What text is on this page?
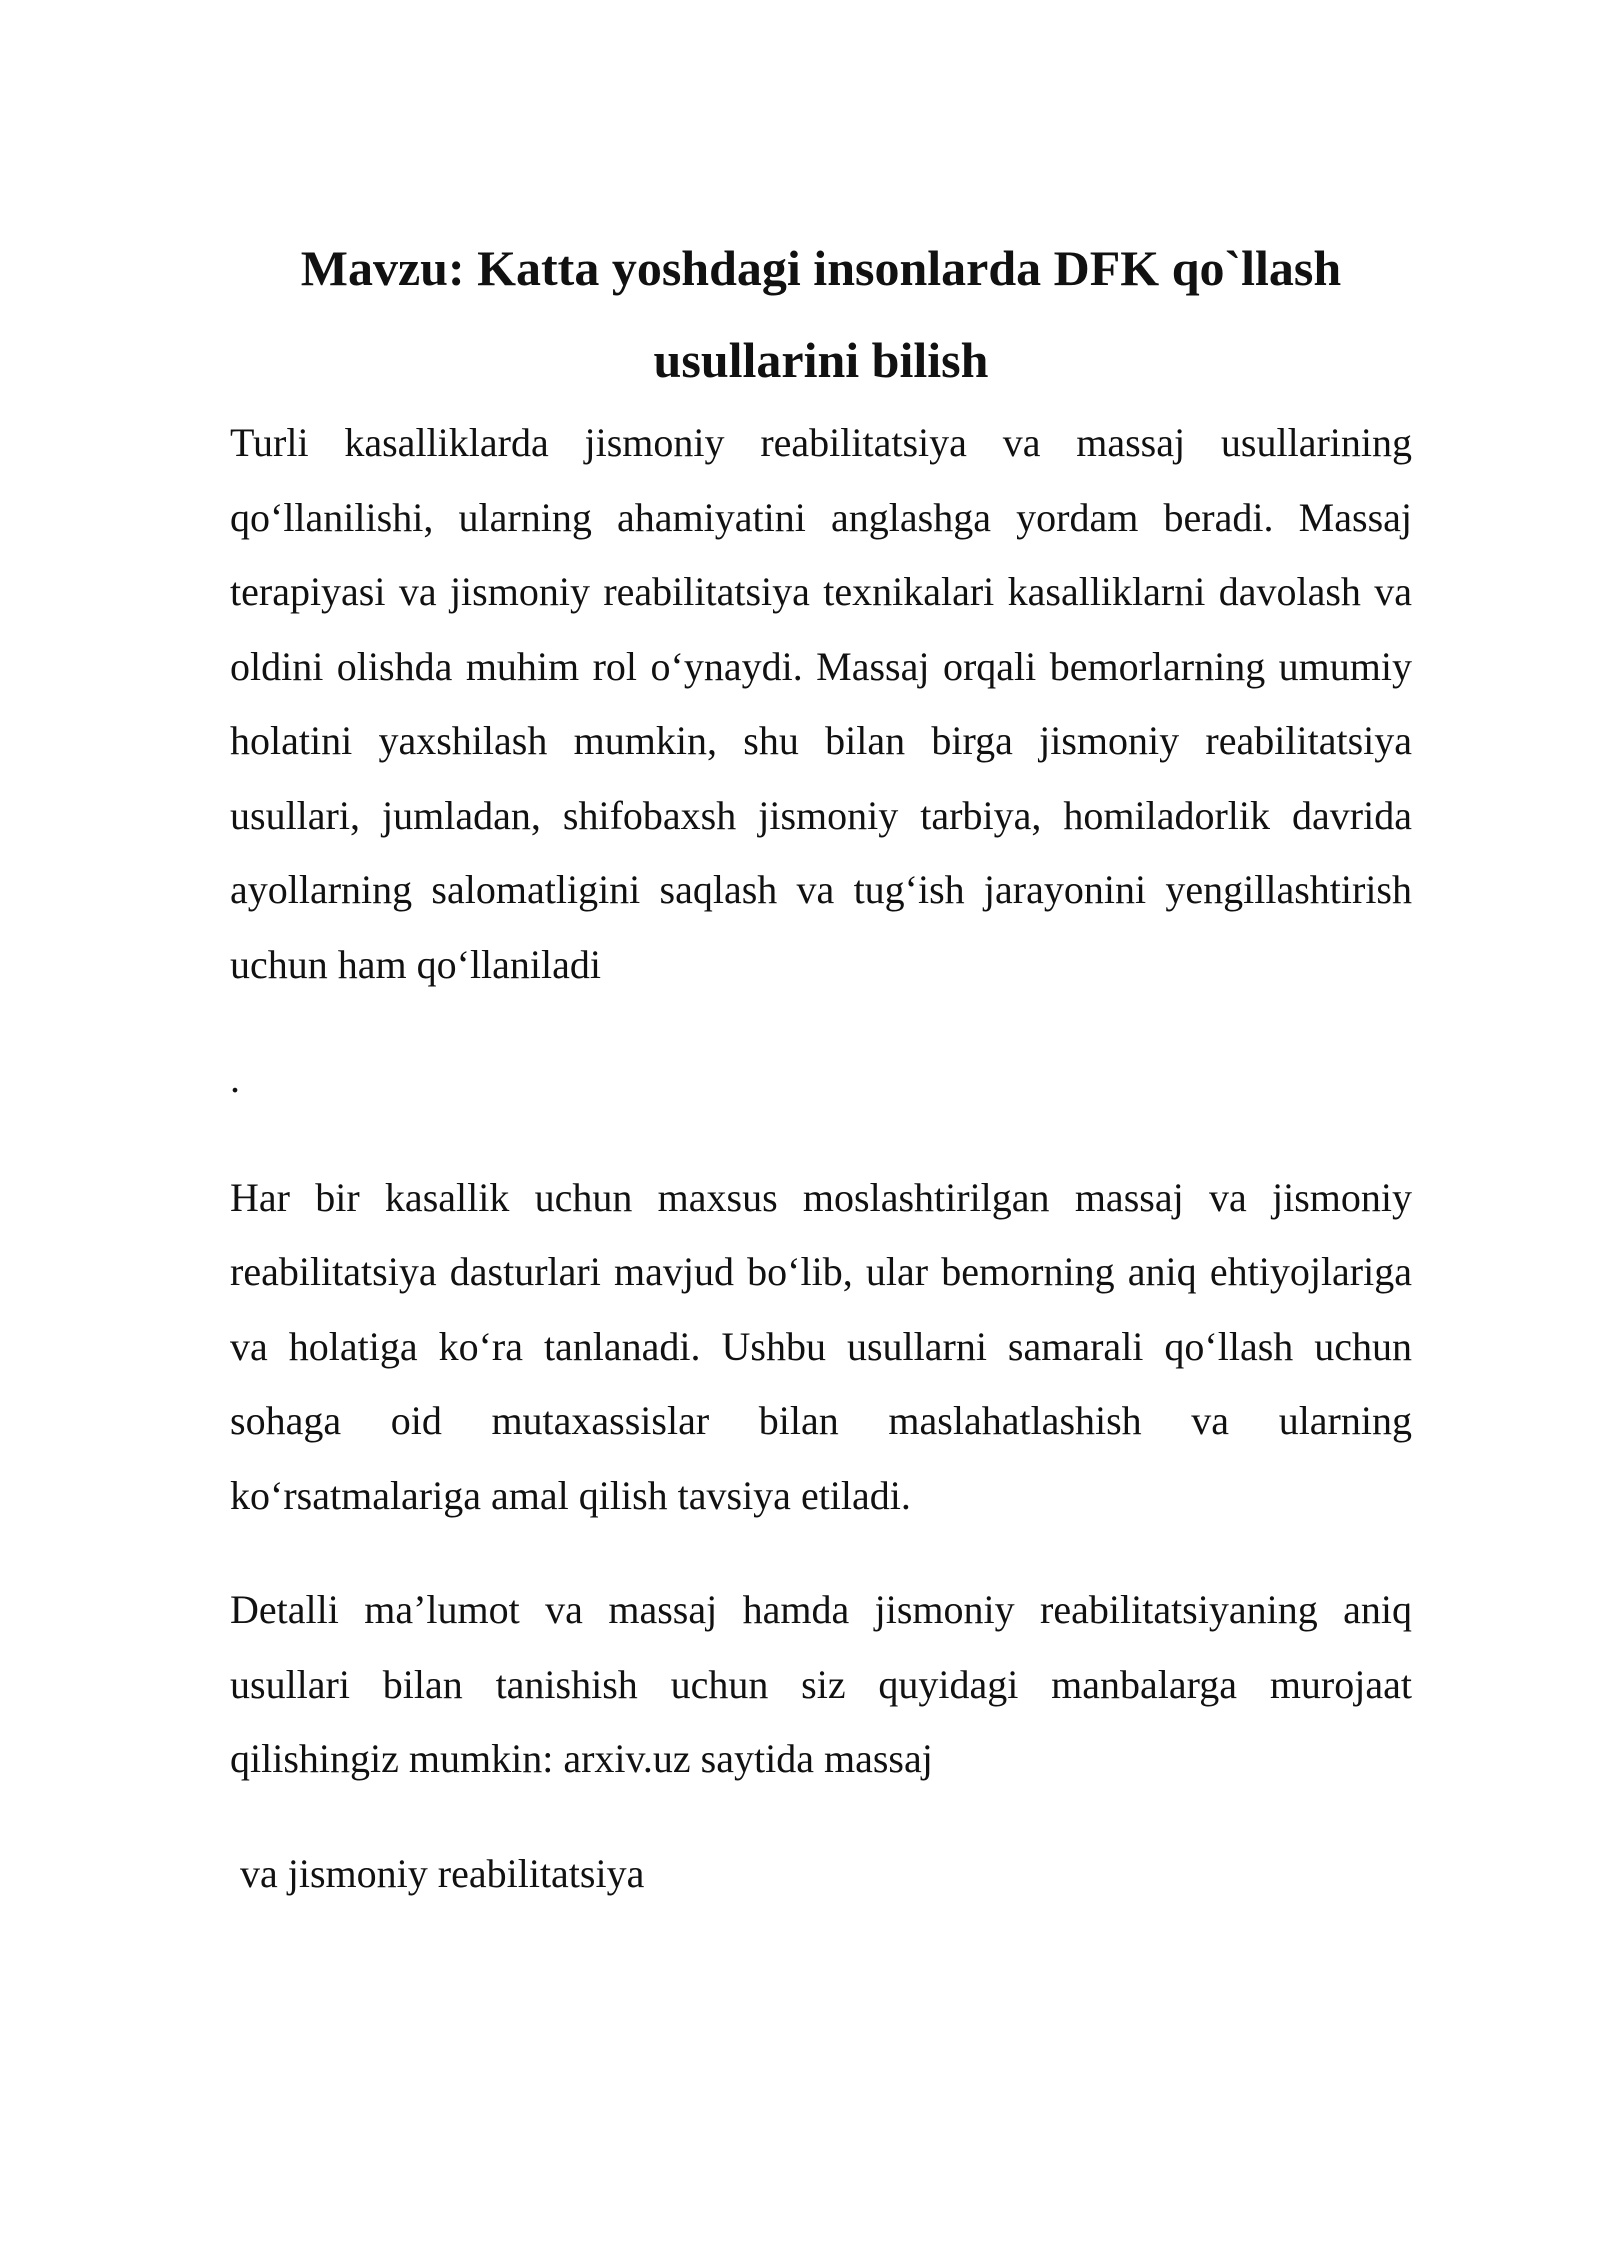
Mavzu: Katta yoshdagi insonlarda DFK qo`llash usullarini bilish

Turli kasalliklarda jismoniy reabilitatsiya va massaj usullarining qo‘llanilishi, ularning ahamiyatini anglashga yordam beradi. Massaj terapiyasi va jismoniy reabilitatsiya texnikalari kasalliklarni davolash va oldini olishda muhim rol o‘ynaydi. Massaj orqali bemorlarning umumiy holatini yaxshilash mumkin, shu bilan birga jismoniy reabilitatsiya usullari, jumladan, shifobaxsh jismoniy tarbiya, homiladorlik davrida ayollarning salomatligini saqlash va tug‘ish jarayonini yengillashtirish uchun ham qo‘llaniladi

.

Har bir kasallik uchun maxsus moslashtirilgan massaj va jismoniy reabilitatsiya dasturlari mavjud bo‘lib, ular bemorning aniq ehtiyojlariga va holatiga ko‘ra tanlanadi. Ushbu usullarni samarali qo‘llash uchun sohaga oid mutaxassislar bilan maslahatlashish va ularning ko‘rsatmalariga amal qilish tavsiya etiladi.

Detalli ma’lumot va massaj hamda jismoniy reabilitatsiyaning aniq usullari bilan tanishish uchun siz quyidagi manbalarga murojaat qilishingiz mumkin: arxiv.uz saytida massaj

va jismoniy reabilitatsiya
